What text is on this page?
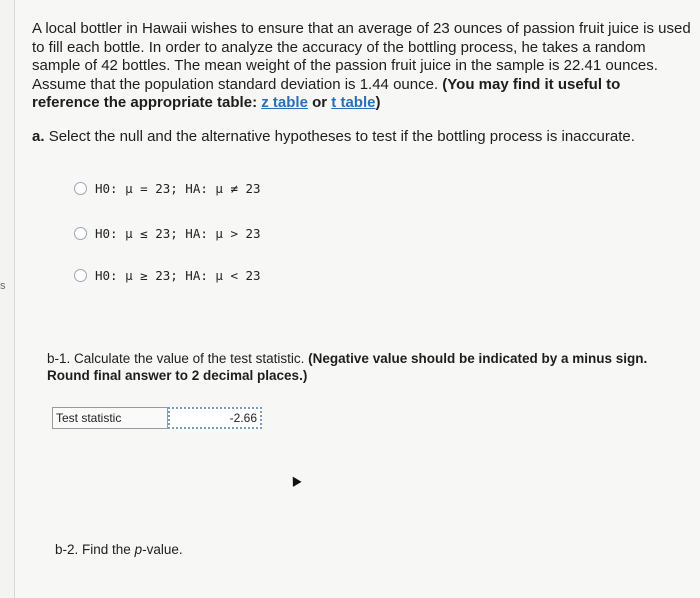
s
A local bottler in Hawaii wishes to ensure that an average of 23 ounces of passion fruit juice is used to fill each bottle. In order to analyze the accuracy of the bottling process, he takes a random sample of 42 bottles. The mean weight of the passion fruit juice in the sample is 22.41 ounces. Assume that the population standard deviation is 1.44 ounce. (You may find it useful to reference the appropriate table: z table or t table)
a. Select the null and the alternative hypotheses to test if the bottling process is inaccurate.
H0: μ = 23; HA: μ ≠ 23
H0: μ ≤ 23; HA: μ > 23
H0: μ ≥ 23; HA: μ < 23
b-1. Calculate the value of the test statistic. (Negative value should be indicated by a minus sign. Round final answer to 2 decimal places.)
Test statistic
-2.66
b-2. Find the p-value.
